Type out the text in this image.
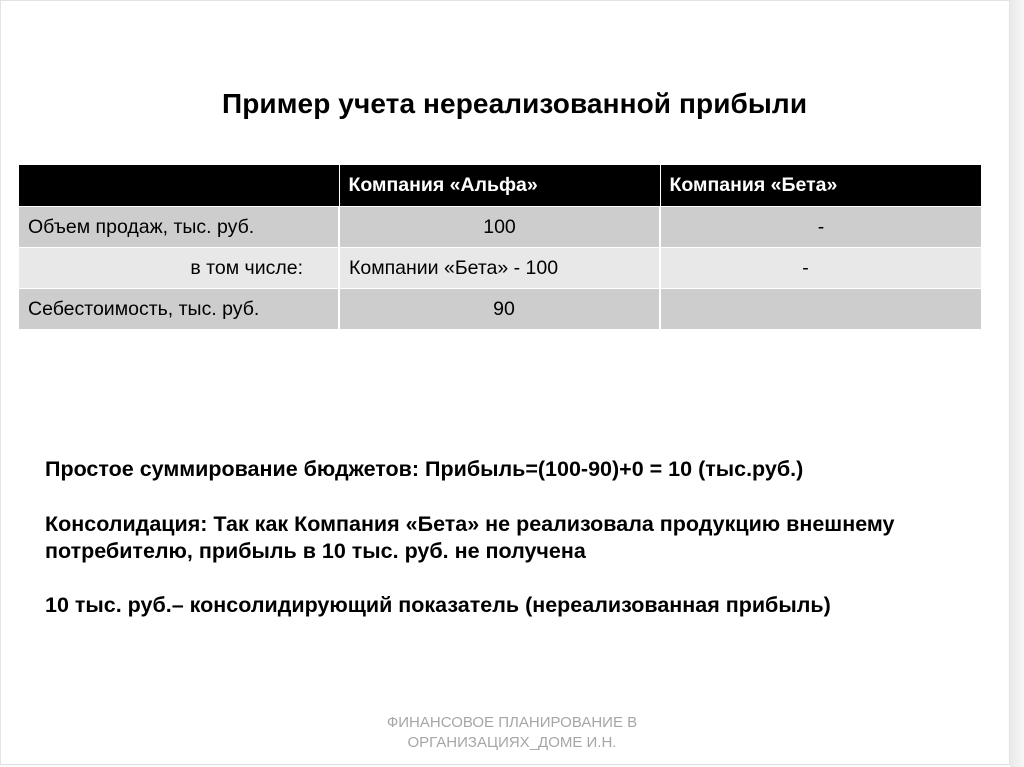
Пример учета нереализованной прибыли
	Компания «Альфа»	Компания «Бета»
Объем продаж, тыс. руб.	100	-
в том числе:	Компании «Бета» - 100	-
Себестоимость, тыс. руб.	90	
Простое суммирование бюджетов: Прибыль=(100-90)+0 = 10 (тыс.руб.)
Консолидация: Так как Компания «Бета» не реализовала продукцию внешнему потребителю, прибыль в 10 тыс. руб. не получена
10 тыс. руб.– консолидирующий показатель (нереализованная прибыль)
ФИНАНСОВОЕ ПЛАНИРОВАНИЕ В
ОРГАНИЗАЦИЯХ_ДОМЕ И.Н.
